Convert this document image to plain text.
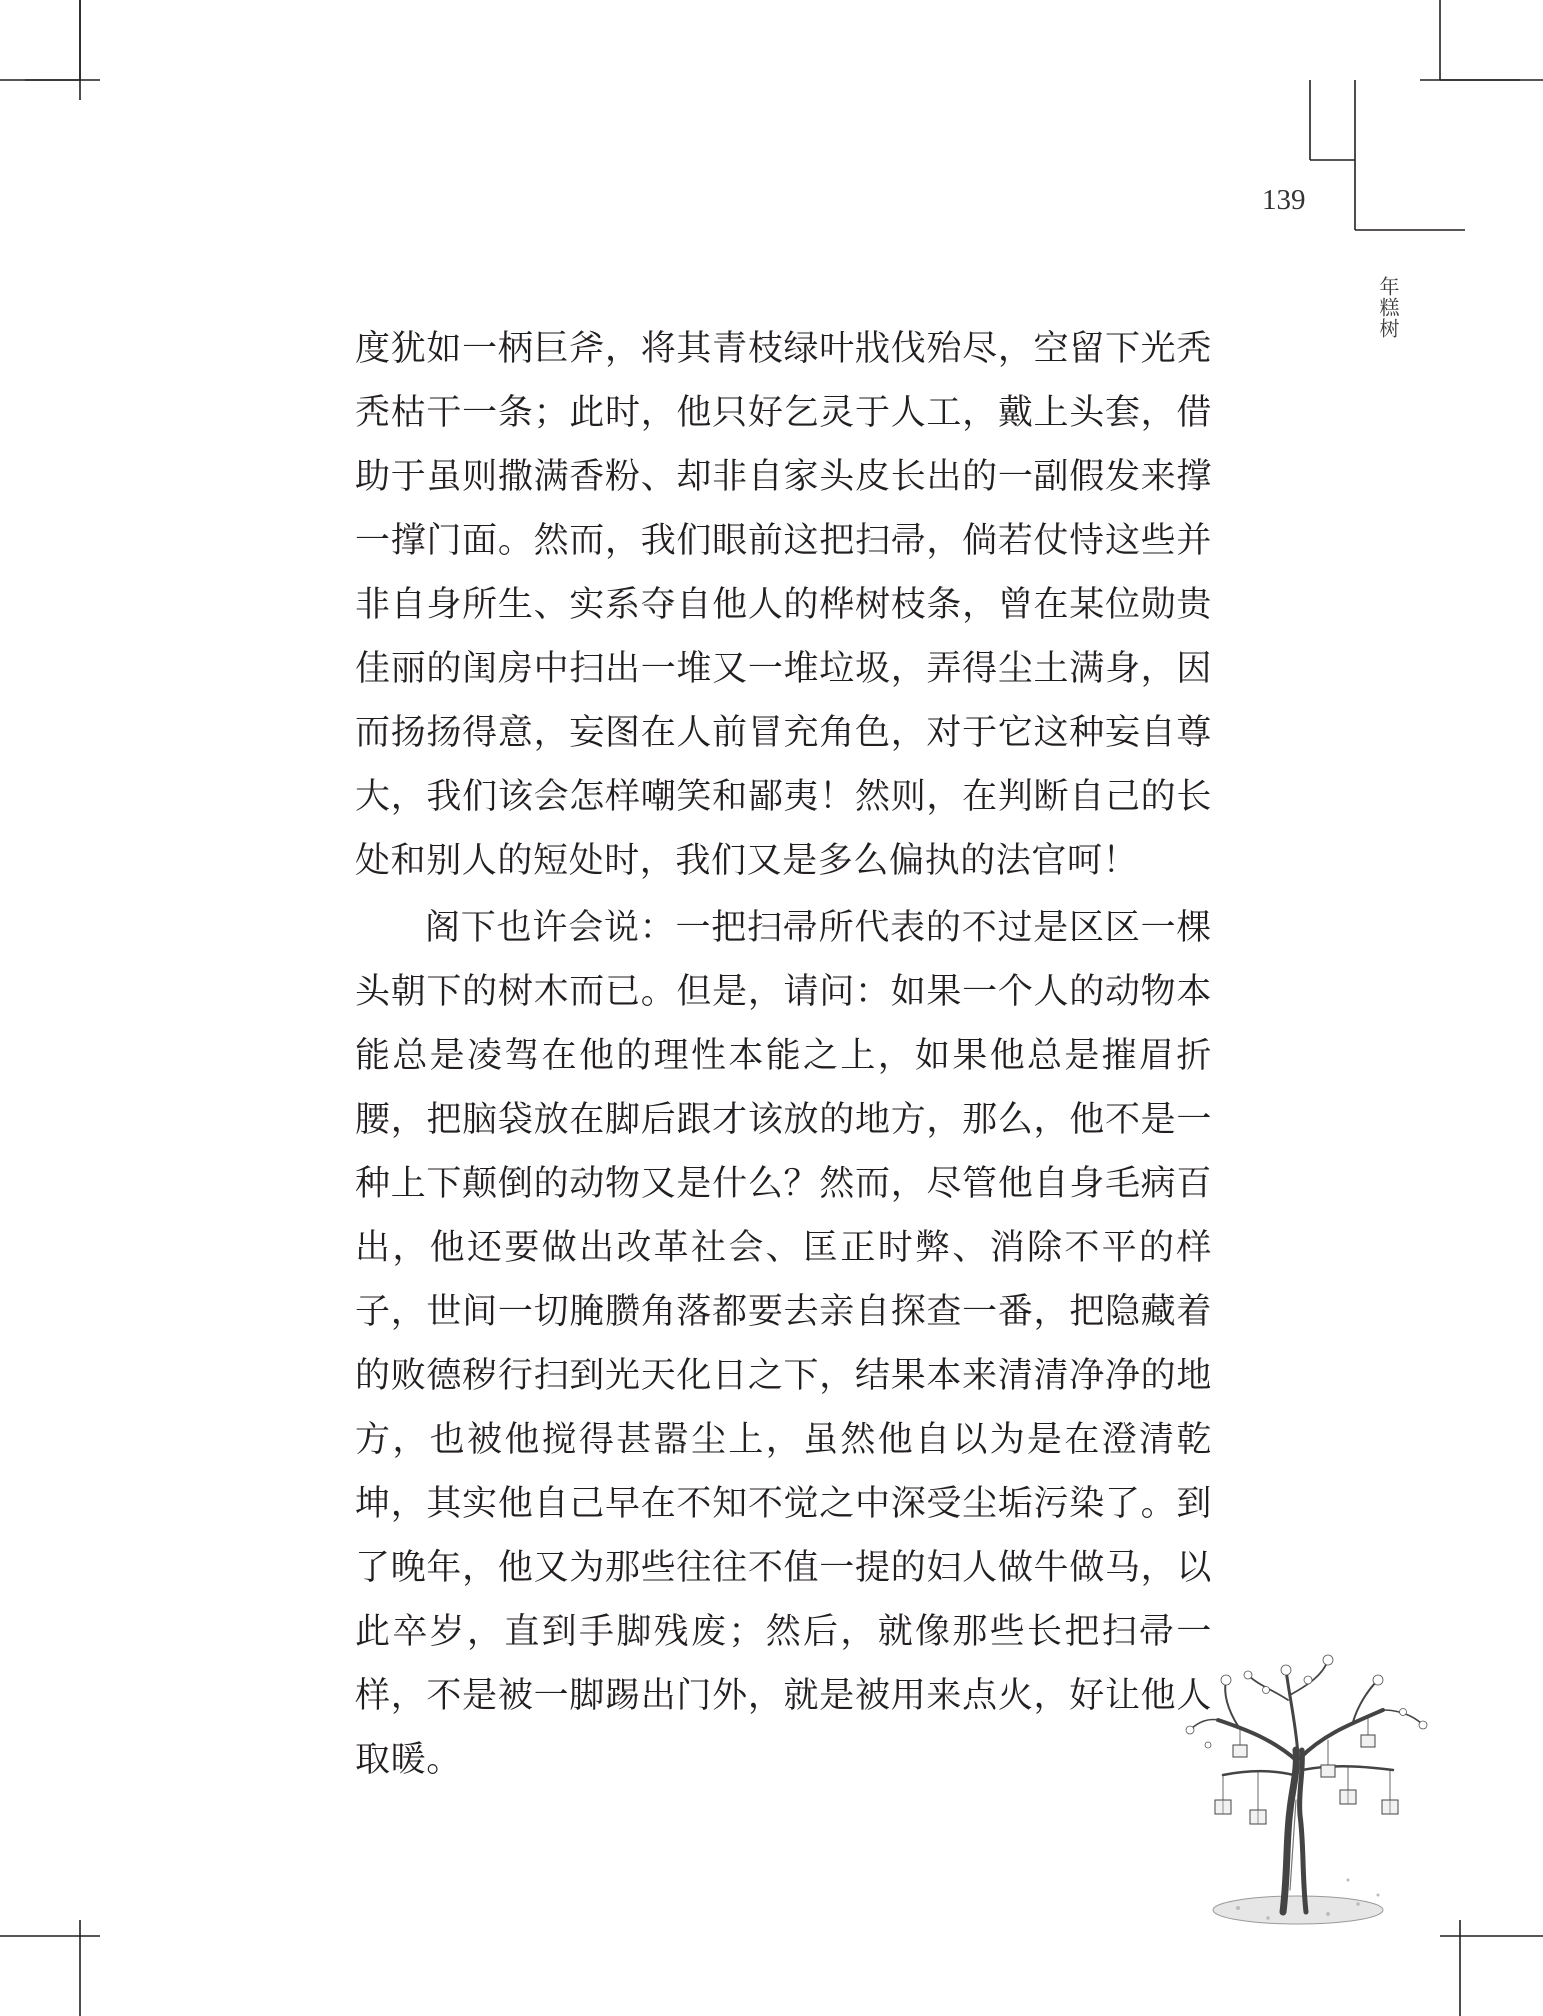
139
年糕树

度犹如一柄巨斧，将其青枝绿叶戕伐殆尽，空留下光秃秃枯干一条；此时，他只好乞灵于人工，戴上头套，借助于虽则撒满香粉、却非自家头皮长出的一副假发来撑一撑门面。然而，我们眼前这把扫帚，倘若仗恃这些并非自身所生、实系夺自他人的桦树枝条，曾在某位勋贵佳丽的闺房中扫出一堆又一堆垃圾，弄得尘土满身，因而扬扬得意，妄图在人前冒充角色，对于它这种妄自尊大，我们该会怎样嘲笑和鄙夷！然则，在判断自己的长处和别人的短处时，我们又是多么偏执的法官呵！

阁下也许会说：一把扫帚所代表的不过是区区一棵头朝下的树木而已。但是，请问：如果一个人的动物本能总是凌驾在他的理性本能之上，如果他总是摧眉折腰，把脑袋放在脚后跟才该放的地方，那么，他不是一种上下颠倒的动物又是什么？然而，尽管他自身毛病百出，他还要做出改革社会、匡正时弊、消除不平的样子，世间一切腌臜角落都要去亲自探查一番，把隐藏着的败德秽行扫到光天化日之下，结果本来清清净净的地方，也被他搅得甚嚣尘上，虽然他自以为是在澄清乾坤，其实他自己早在不知不觉之中深受尘垢污染了。到了晚年，他又为那些往往不值一提的妇人做牛做马，以此卒岁，直到手脚残废；然后，就像那些长把扫帚一样，不是被一脚踢出门外，就是被用来点火，好让他人取暖。
